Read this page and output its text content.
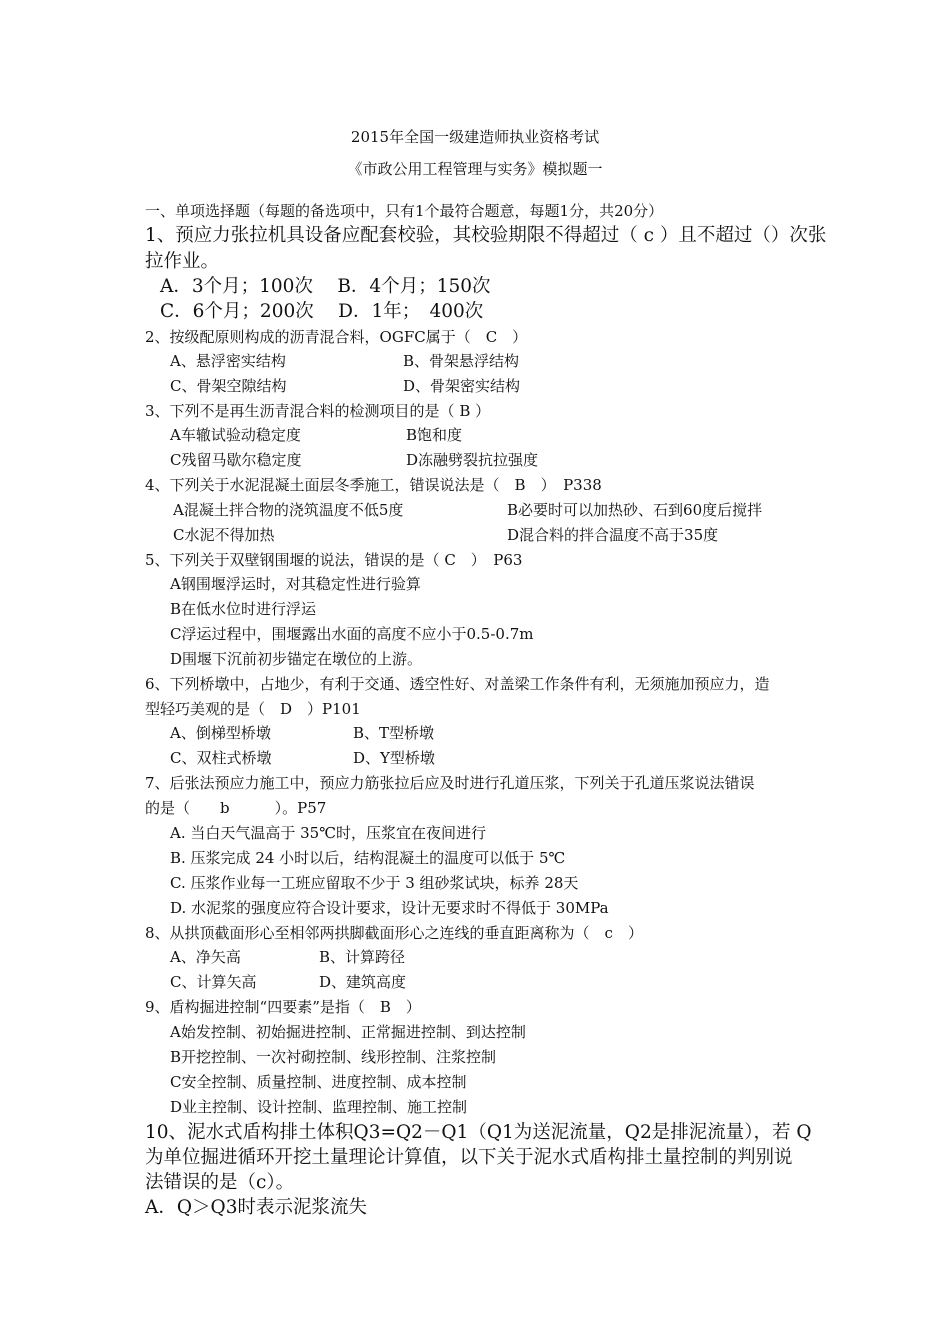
2015年全国一级建造师执业资格考试
《市政公用工程管理与实务》模拟题一
一、单项选择题（每题的备选项中，只有1个最符合题意，每题1分，共20分）
1、预应力张拉机具设备应配套校验，其校验期限不得超过（ c ）且不超过（）次张
拉作业。
A．3个月；100次　 B．4个月；150次
C．6个月；200次　 D．1年；　400次
2、按级配原则构成的沥青混合料，OGFC属于（　C　）
A、悬浮密实结构	B、骨架悬浮结构
C、骨架空隙结构	D、骨架密实结构
3、下列不是再生沥青混合料的检测项目的是（ B ）
A车辙试验动稳定度	B饱和度
C残留马歇尔稳定度	D冻融劈裂抗拉强度
4、下列关于水泥混凝土面层冬季施工，错误说法是（　B　）　P338
A混凝土拌合物的浇筑温度不低5度	B必要时可以加热砂、石到60度后搅拌
C水泥不得加热	D混合料的拌合温度不高于35度
5、下列关于双壁钢围堰的说法，错误的是（ C　）　P63
A钢围堰浮运时，对其稳定性进行验算
B在低水位时进行浮运
C浮运过程中，围堰露出水面的高度不应小于0.5-0.7m
D围堰下沉前初步锚定在墩位的上游。
6、下列桥墩中，占地少，有利于交通、透空性好、对盖梁工作条件有利，无须施加预应力，造
型轻巧美观的是（　D　）P101
A、倒梯型桥墩	B、T型桥墩
C、双柱式桥墩	D、Y型桥墩
7、后张法预应力施工中，预应力筋张拉后应及时进行孔道压浆，下列关于孔道压浆说法错误
的是（　　b　　　）。P57
A. 当白天气温高于 35℃时，压浆宜在夜间进行
B. 压浆完成 24 小时以后，结构混凝土的温度可以低于 5℃
C. 压浆作业每一工班应留取不少于 3 组砂浆试块，标养 28天
D. 水泥浆的强度应符合设计要求，设计无要求时不得低于 30MPa
8、从拱顶截面形心至相邻两拱脚截面形心之连线的垂直距离称为（　c　）
A、净矢高	B、计算跨径
C、计算矢高	D、建筑高度
9、盾构掘进控制“四要素”是指（　B　）
A始发控制、初始掘进控制、正常掘进控制、到达控制
B开挖控制、一次衬砌控制、线形控制、注浆控制
C安全控制、质量控制、进度控制、成本控制
D业主控制、设计控制、监理控制、施工控制
10、泥水式盾构排土体积Q3=Q2－Q1（Q1为送泥流量，Q2是排泥流量），若 Q
为单位掘进循环开挖土量理论计算值，以下关于泥水式盾构排土量控制的判别说
法错误的是（c）。
A．Q＞Q3时表示泥浆流失
